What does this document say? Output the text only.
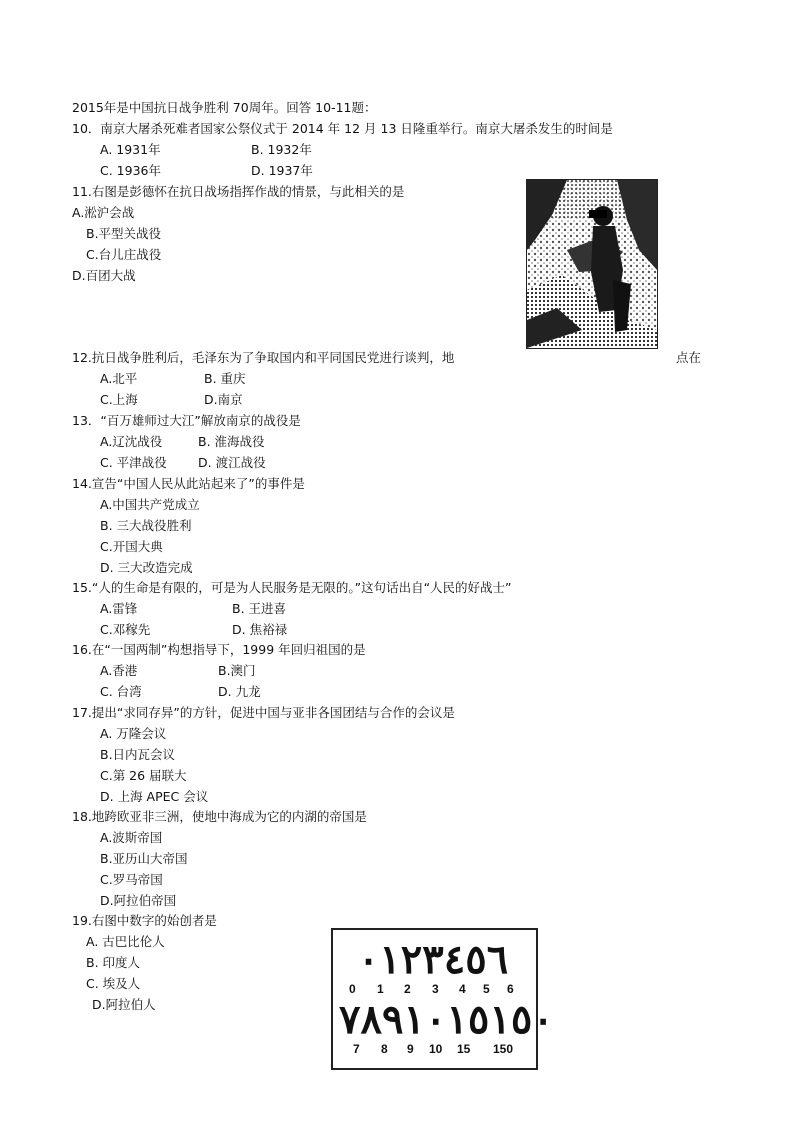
2015年是中国抗日战争胜利 70周年。回答 10-11题：
10．南京大屠杀死难者国家公祭仪式于 2014 年 12 月 13 日隆重举行。南京大屠杀发生的时间是
A. 1931年	B. 1932年
C. 1936年	D. 1937年
11.右图是彭德怀在抗日战场指挥作战的情景，与此相关的是
A.淞沪会战
B.平型关战役
C.台儿庄战役
D.百团大战
12.抗日战争胜利后，毛泽东为了争取国内和平同国民党进行谈判，地	点在
A.北平	B. 重庆
C.上海	D.南京
13．“百万雄师过大江”解放南京的战役是
A.辽沈战役	B. 淮海战役
C. 平津战役	D. 渡江战役
14.宣告“中国人民从此站起来了”的事件是
A.中国共产党成立
B. 三大战役胜利
C.开国大典
D. 三大改造完成
15.“人的生命是有限的，可是为人民服务是无限的。”这句话出自“人民的好战士”
A.雷锋	B. 王进喜
C.邓稼先	D. 焦裕禄
16.在“一国两制”构想指导下，1999 年回归祖国的是
A.香港	B.澳门
C. 台湾	D. 九龙
17.提出“求同存异”的方针，促进中国与亚非各国团结与合作的会议是
A. 万隆会议
B.日内瓦会议
C.第 26 届联大
D. 上海 APEC 会议
18.地跨欧亚非三洲，使地中海成为它的内湖的帝国是
A.波斯帝国
B.亚历山大帝国
C.罗马帝国
D.阿拉伯帝国
19.右图中数字的始创者是
A. 古巴比伦人
B. 印度人
C. 埃及人
D.阿拉伯人
٠١٢٣٤٥٦
0 1 2 3 4 5 6
٧٨٩١٠١٥١٥٠
7 8 9 10 15 150
